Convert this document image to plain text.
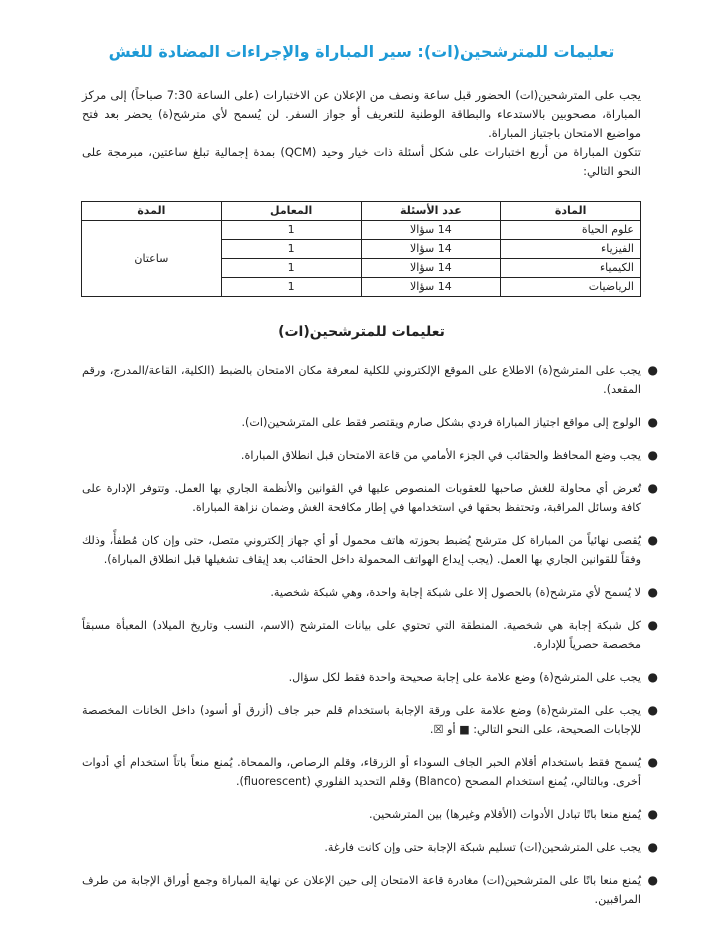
تعليمات للمترشحين(ات): سير المباراة والإجراءات المضادة للغش

يجب على المترشحين(ات) الحضور قبل ساعة ونصف من الإعلان عن الاختبارات (على الساعة 7:30 صباحاً) إلى مركز المباراة، مصحوبين بالاستدعاء والبطاقة الوطنية للتعريف أو جواز السفر. لن يُسمح لأي مترشح(ة) يحضر بعد فتح مواضيع الامتحان باجتياز المباراة.

تتكون المباراة من أربع اختبارات على شكل أسئلة ذات خيار وحيد (QCM) بمدة إجمالية تبلغ ساعتين، مبرمجة على النحو التالي:

المادة	عدد الأسئلة	المعامل	المدة
علوم الحياة	14 سؤالا	1	ساعتان
الفيزياء	14 سؤالا	1	
الكيمياء	14 سؤالا	1	
الرياضيات	14 سؤالا	1	
تعليمات للمترشحين(ات)
●
يجب على المترشح(ة) الاطلاع على الموقع الإلكتروني للكلية لمعرفة مكان الامتحان بالضبط (الكلية، القاعة/المدرج، ورقم المقعد).
●
الولوج إلى مواقع اجتياز المباراة فردي بشكل صارم ويقتصر فقط على المترشحين(ات).
●
يجب وضع المحافظ والحقائب في الجزء الأمامي من قاعة الامتحان قبل انطلاق المباراة.
●
تُعرض أي محاولة للغش صاحبها للعقوبات المنصوص عليها في القوانين والأنظمة الجاري بها العمل. وتتوفر الإدارة على كافة وسائل المراقبة، وتحتفظ بحقها في استخدامها في إطار مكافحة الغش وضمان نزاهة المباراة.
●
يُقصى نهائياً من المباراة كل مترشح يُضبط بحوزته هاتف محمول أو أي جهاز إلكتروني متصل، حتى وإن كان مُطفأً، وذلك وفقاً للقوانين الجاري بها العمل. (يجب إيداع الهواتف المحمولة داخل الحقائب بعد إيقاف تشغيلها قبل انطلاق المباراة).
●
لا يُسمح لأي مترشح(ة) بالحصول إلا على شبكة إجابة واحدة، وهي شبكة شخصية.
●
كل شبكة إجابة هي شخصية. المنطقة التي تحتوي على بيانات المترشح (الاسم، النسب وتاريخ الميلاد) المعبأة مسبقاً مخصصة حصرياً للإدارة.
●
يجب على المترشح(ة) وضع علامة على إجابة صحيحة واحدة فقط لكل سؤال.
●
يجب على المترشح(ة) وضع علامة على ورقة الإجابة باستخدام قلم حبر جاف (أزرق أو أسود) داخل الخانات المخصصة للإجابات الصحيحة، على النحو التالي: ■ أو ☒.
●
يُسمح فقط باستخدام أقلام الحبر الجاف السوداء أو الزرقاء، وقلم الرصاص، والممحاة. يُمنع منعاً باتاً استخدام أي أدوات أخرى. وبالتالي، يُمنع استخدام المصحح (Blanco) وقلم التحديد الفلوري (fluorescent).
●
يُمنع منعا باتًا تبادل الأدوات (الأقلام وغيرها) بين المترشحين.
●
يجب على المترشحين(ات) تسليم شبكة الإجابة حتى وإن كانت فارغة.
●
يُمنع منعا باتًا على المترشحين(ات) مغادرة قاعة الامتحان إلى حين الإعلان عن نهاية المباراة وجمع أوراق الإجابة من طرف المراقبين.
